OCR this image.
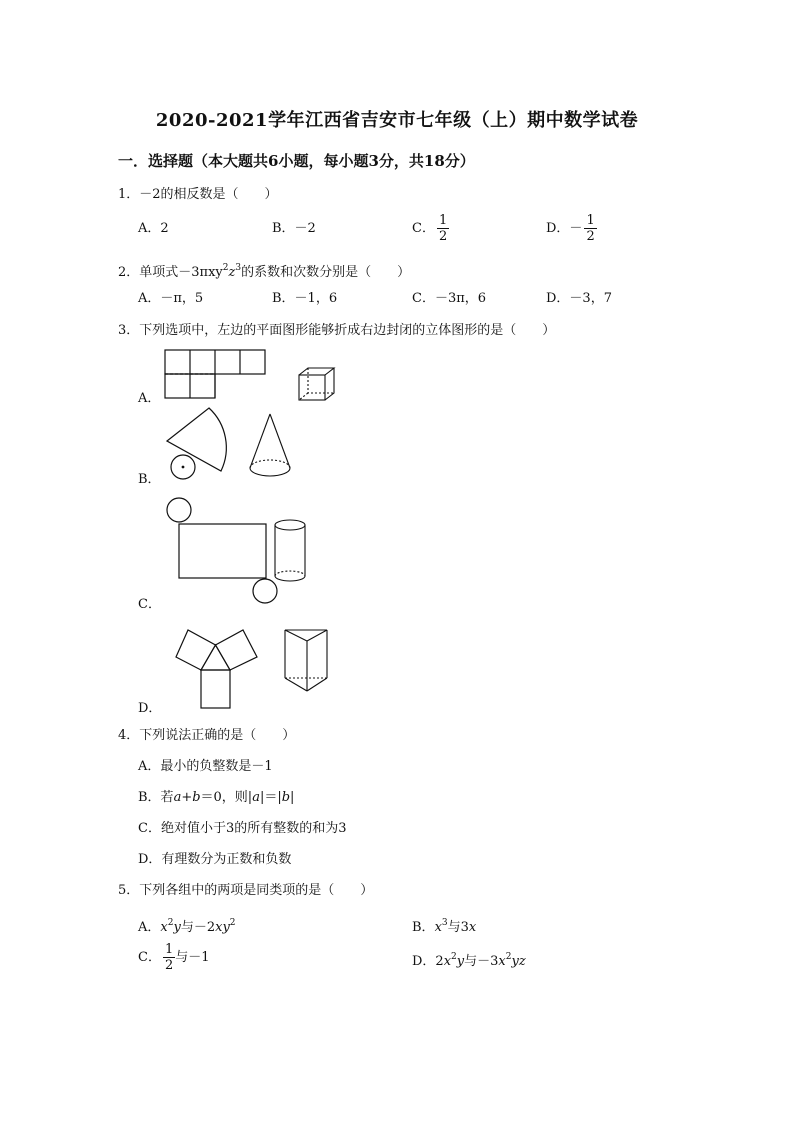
2020-2021学年江西省吉安市七年级（上）期中数学试卷
一．选择题（本大题共6小题，每小题3分，共18分）
1．－2的相反数是（　　）
A．2	B．－2	C． $\frac{1}{2}$	D．－ $\frac{1}{2}$
2．单项式$-3\pi xy^2z^3$的系数和次数分别是（　　）
A．－π，5	B．－1，6	C．－3π，6	D．－3，7
3．下列选项中，左边的平面图形能够折成右边封闭的立体图形的是（　　）
A．
B．
C．
D．
4．下列说法正确的是（　　）
A．最小的负整数是－1
B．若a+b＝0，则|a|＝|b|
C．绝对值小于3的所有整数的和为3
D．有理数分为正数和负数
5．下列各组中的两项是同类项的是（　　）
A．$x^2y$与$-2xy^2$	B．$x^3$与3x
C． $\frac{1}{2}$ 与－1	D．$2x^2y$与$-3x^2yz$
